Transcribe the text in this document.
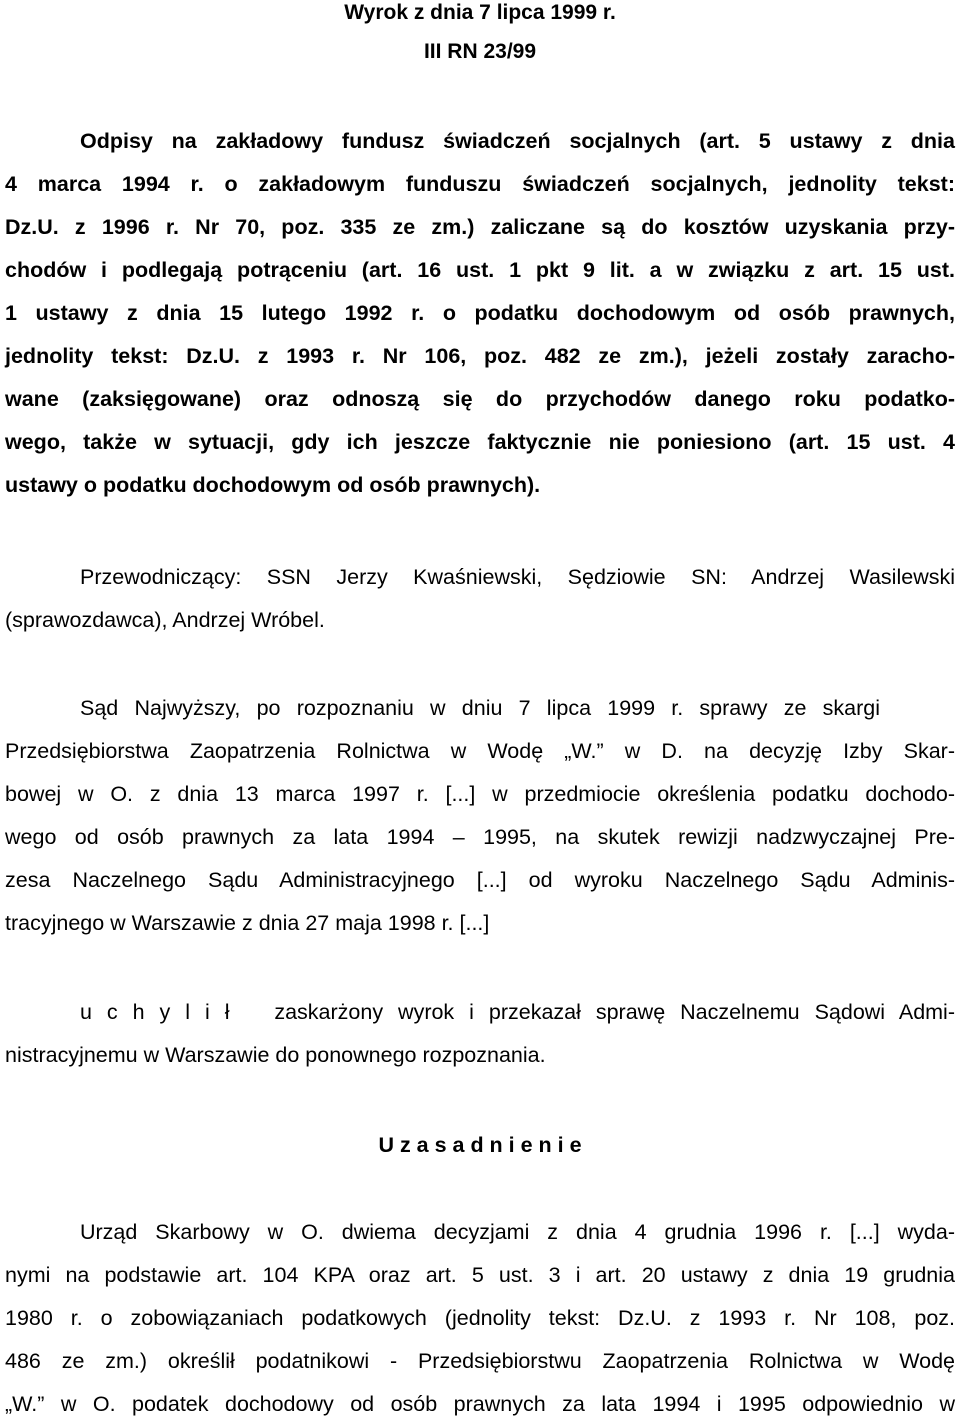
Wyrok z dnia 7 lipca 1999 r.
III RN 23/99
Odpisy na zakładowy fundusz świadczeń socjalnych (art. 5 ustawy z dnia
4 marca 1994 r. o zakładowym funduszu świadczeń socjalnych, jednolity tekst:
Dz.U. z 1996 r. Nr 70, poz. 335 ze zm.) zaliczane są do kosztów uzyskania przy-
chodów i podlegają potrąceniu (art. 16 ust. 1 pkt 9 lit. a w związku z art. 15 ust.
1 ustawy z dnia 15 lutego 1992 r. o podatku dochodowym od osób prawnych,
jednolity tekst: Dz.U. z 1993 r. Nr 106, poz. 482 ze zm.), jeżeli zostały zaracho-
wane (zaksięgowane) oraz odnoszą się do przychodów danego roku podatko-
wego, także w sytuacji, gdy ich jeszcze faktycznie nie poniesiono (art. 15 ust. 4
ustawy o podatku dochodowym od osób prawnych).
Przewodniczący: SSN Jerzy Kwaśniewski, Sędziowie SN: Andrzej Wasilewski
(sprawozdawca), Andrzej Wróbel.
Sąd Najwyższy, po rozpoznaniu w dniu 7 lipca 1999 r. sprawy ze skargi
Przedsiębiorstwa Zaopatrzenia Rolnictwa w Wodę „W.” w D. na decyzję Izby Skar-
bowej w O. z dnia 13 marca 1997 r. [...] w przedmiocie określenia podatku dochodo-
wego od osób prawnych za lata 1994 – 1995, na skutek rewizji nadzwyczajnej Pre-
zesa Naczelnego Sądu Administracyjnego [...] od wyroku Naczelnego Sądu Adminis-
tracyjnego w Warszawie z dnia 27 maja 1998 r. [...]
u c h y l i ł   zaskarżony wyrok i przekazał sprawę Naczelnemu Sądowi Admi-
nistracyjnemu w Warszawie do ponownego rozpoznania.
U z a s a d n i e n i e
Urząd Skarbowy w O. dwiema decyzjami z dnia 4 grudnia 1996 r. [...] wyda-
nymi na podstawie art. 104 KPA oraz art. 5 ust. 3 i art. 20 ustawy z dnia 19 grudnia
1980 r. o zobowiązaniach podatkowych (jednolity tekst: Dz.U. z 1993 r. Nr 108, poz.
486 ze zm.) określił podatnikowi - Przedsiębiorstwu Zaopatrzenia Rolnictwa w Wodę
„W.” w O. podatek dochodowy od osób prawnych za lata 1994 i 1995 odpowiednio w
